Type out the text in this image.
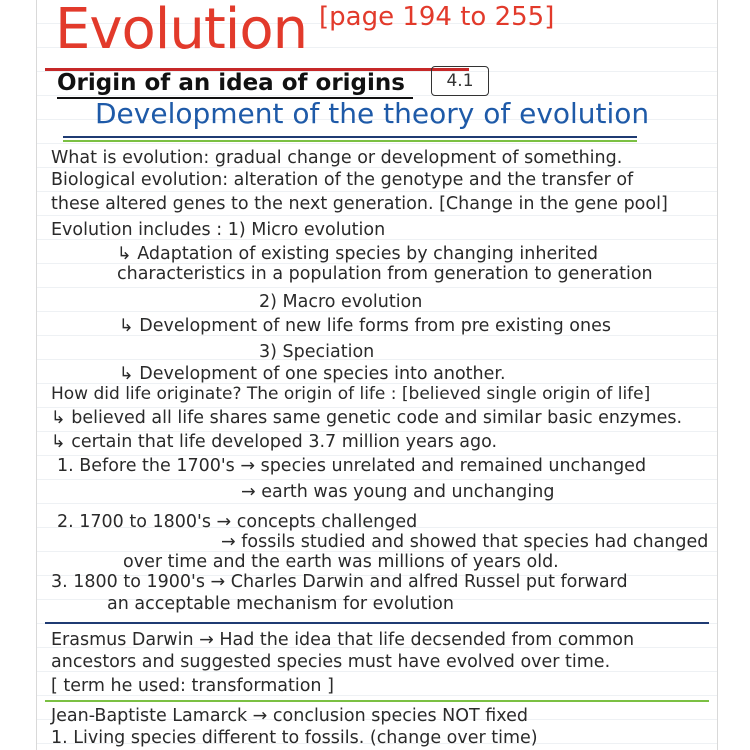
Evolution [page 194 to 255]
Origin of an idea of origins	4.1
Development of the theory of evolution
What is evolution: gradual change or development of something.
Biological evolution: alteration of the genotype and the transfer of
these altered genes to the next generation. [Change in the gene pool]
Evolution includes : 1) Micro evolution
↳ Adaptation of existing species by changing inherited
characteristics in a population from generation to generation
2) Macro evolution
↳ Development of new life forms from pre existing ones
3) Speciation
↳ Development of one species into another.
How did life originate? The origin of life : [believed single origin of life]
↳ believed all life shares same genetic code and similar basic enzymes.
↳ certain that life developed 3.7 million years ago.
1. Before the 1700's → species unrelated and remained unchanged
→ earth was young and unchanging
2. 1700 to 1800's → concepts challenged
→ fossils studied and showed that species had changed
over time and the earth was millions of years old.
3. 1800 to 1900's → Charles Darwin and alfred Russel put forward
an acceptable mechanism for evolution
Erasmus Darwin → Had the idea that life decsended from common
ancestors and suggested species must have evolved over time.
[ term he used: transformation ]
Jean-Baptiste Lamarck → conclusion species NOT fixed
1. Living species different to fossils. (change over time)
